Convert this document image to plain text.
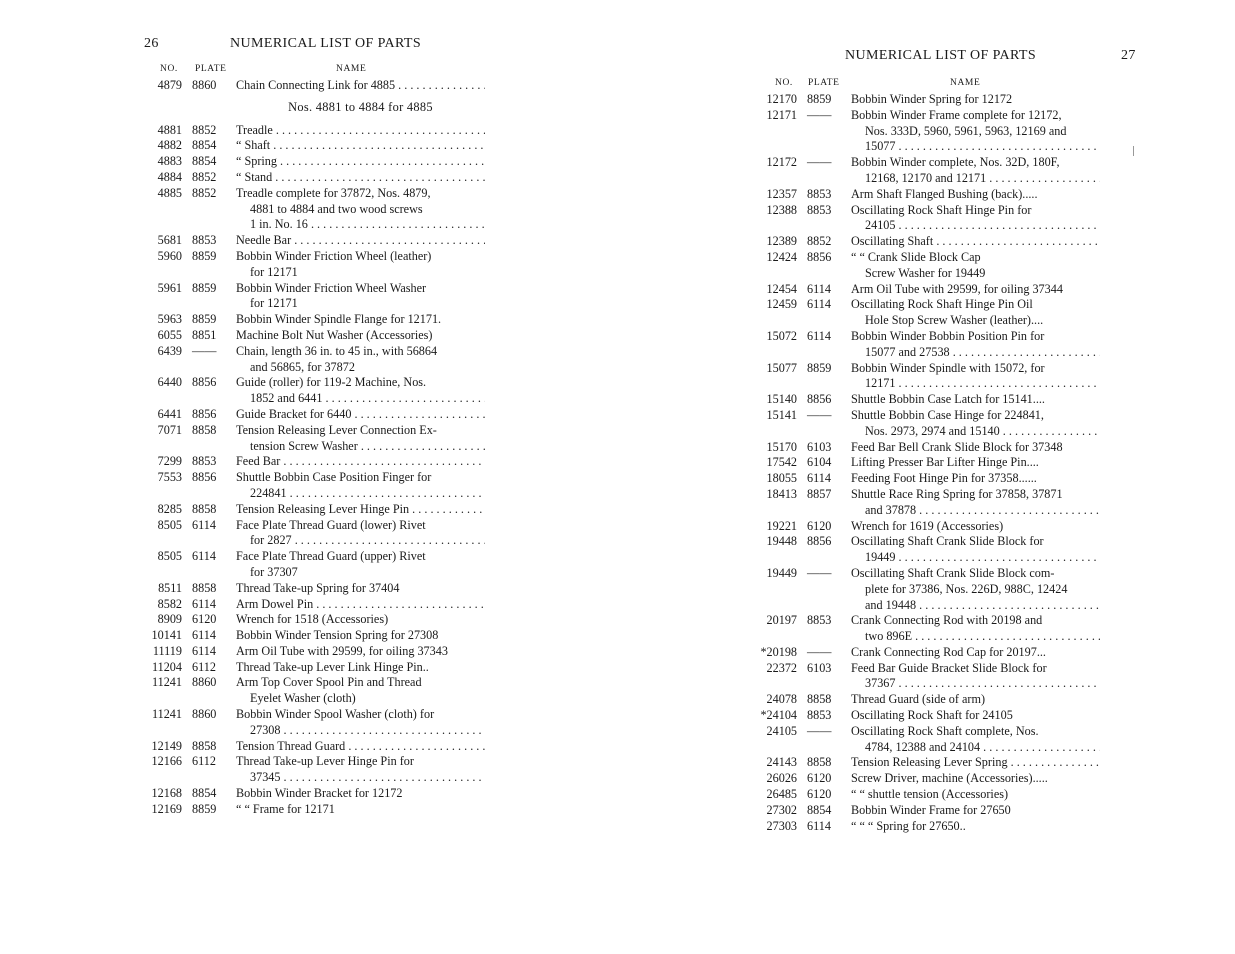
26	NUMERICAL LIST OF PARTS
NO. PLATE	NAME
4879 8860	Chain Connecting Link for 4885 . . .
Nos. 4881 to 4884 for 4885
4881 8852	Treadle . . .
4882 8854	“ Shaft . . .
4883 8854	“ Spring . . .
4884 8852	“ Stand . . .
4885 8852	Treadle complete for 37872, Nos. 4879,
4881 to 4884 and two wood screws
1 in. No. 16 . . .
5681 8853	Needle Bar . . .
5960 8859	Bobbin Winder Friction Wheel (leather)
for 12171
5961 8859	Bobbin Winder Friction Wheel Washer
for 12171
5963 8859	Bobbin Winder Spindle Flange for 12171.
6055 8851	Machine Bolt Nut Washer (Accessories)
6439 ——	Chain, length 36 in. to 45 in., with 56864
and 56865, for 37872
6440 8856	Guide (roller) for 119-2 Machine, Nos.
1852 and 6441 . . .
6441 8856	Guide Bracket for 6440 . . .
7071 8858	Tension Releasing Lever Connection Ex-
tension Screw Washer . . .
7299 8853	Feed Bar . . .
7553 8856	Shuttle Bobbin Case Position Finger for
224841 . . .
8285 8858	Tension Releasing Lever Hinge Pin . . .
8505 6114	Face Plate Thread Guard (lower) Rivet
for 2827 . . .
8505 6114	Face Plate Thread Guard (upper) Rivet
for 37307
8511 8858	Thread Take-up Spring for 37404
8582 6114	Arm Dowel Pin . . .
8909 6120	Wrench for 1518 (Accessories)
10141 6114	Bobbin Winder Tension Spring for 27308
11119 6114	Arm Oil Tube with 29599, for oiling 37343
11204 6112	Thread Take-up Lever Link Hinge Pin..
11241 8860	Arm Top Cover Spool Pin and Thread
Eyelet Washer (cloth)
11241 8860	Bobbin Winder Spool Washer (cloth) for
27308 . . .
12149 8858	Tension Thread Guard . . .
12166 6112	Thread Take-up Lever Hinge Pin for
37345 . . .
12168 8854	Bobbin Winder Bracket for 12172
12169 8859	“ “ Frame for 12171
NUMERICAL LIST OF PARTS	27
NO. PLATE	NAME
12170 8859	Bobbin Winder Spring for 12172
12171 ——	Bobbin Winder Frame complete for 12172,
Nos. 333D, 5960, 5961, 5963, 12169 and
15077 . . .
12172 ——	Bobbin Winder complete, Nos. 32D, 180F,
12168, 12170 and 12171 . . .
12357 8853	Arm Shaft Flanged Bushing (back).....
12388 8853	Oscillating Rock Shaft Hinge Pin for
24105 . . .
12389 8852	Oscillating Shaft . . .
12424 8856	“ “ Crank Slide Block Cap
Screw Washer for 19449
12454 6114	Arm Oil Tube with 29599, for oiling 37344
12459 6114	Oscillating Rock Shaft Hinge Pin Oil
Hole Stop Screw Washer (leather)....
15072 6114	Bobbin Winder Bobbin Position Pin for
15077 and 27538 . . .
15077 8859	Bobbin Winder Spindle with 15072, for
12171 . . .
15140 8856	Shuttle Bobbin Case Latch for 15141....
15141 ——	Shuttle Bobbin Case Hinge for 224841,
Nos. 2973, 2974 and 15140 . . .
15170 6103	Feed Bar Bell Crank Slide Block for 37348
17542 6104	Lifting Presser Bar Lifter Hinge Pin....
18055 6114	Feeding Foot Hinge Pin for 37358......
18413 8857	Shuttle Race Ring Spring for 37858, 37871
and 37878 . . .
19221 6120	Wrench for 1619 (Accessories)
19448 8856	Oscillating Shaft Crank Slide Block for
19449 . . .
19449 ——	Oscillating Shaft Crank Slide Block com-
plete for 37386, Nos. 226D, 988C, 12424
and 19448 . . .
20197 8853	Crank Connecting Rod with 20198 and
two 896E . . .
*20198 ——	Crank Connecting Rod Cap for 20197...
22372 6103	Feed Bar Guide Bracket Slide Block for
37367 . . .
24078 8858	Thread Guard (side of arm)
*24104 8853	Oscillating Rock Shaft for 24105
24105 ——	Oscillating Rock Shaft complete, Nos.
4784, 12388 and 24104 . . .
24143 8858	Tension Releasing Lever Spring . . .
26026 6120	Screw Driver, machine (Accessories).....
26485 6120	“ “ shuttle tension (Accessories)
27302 8854	Bobbin Winder Frame for 27650
27303 6114	“ “ “ Spring for 27650..
